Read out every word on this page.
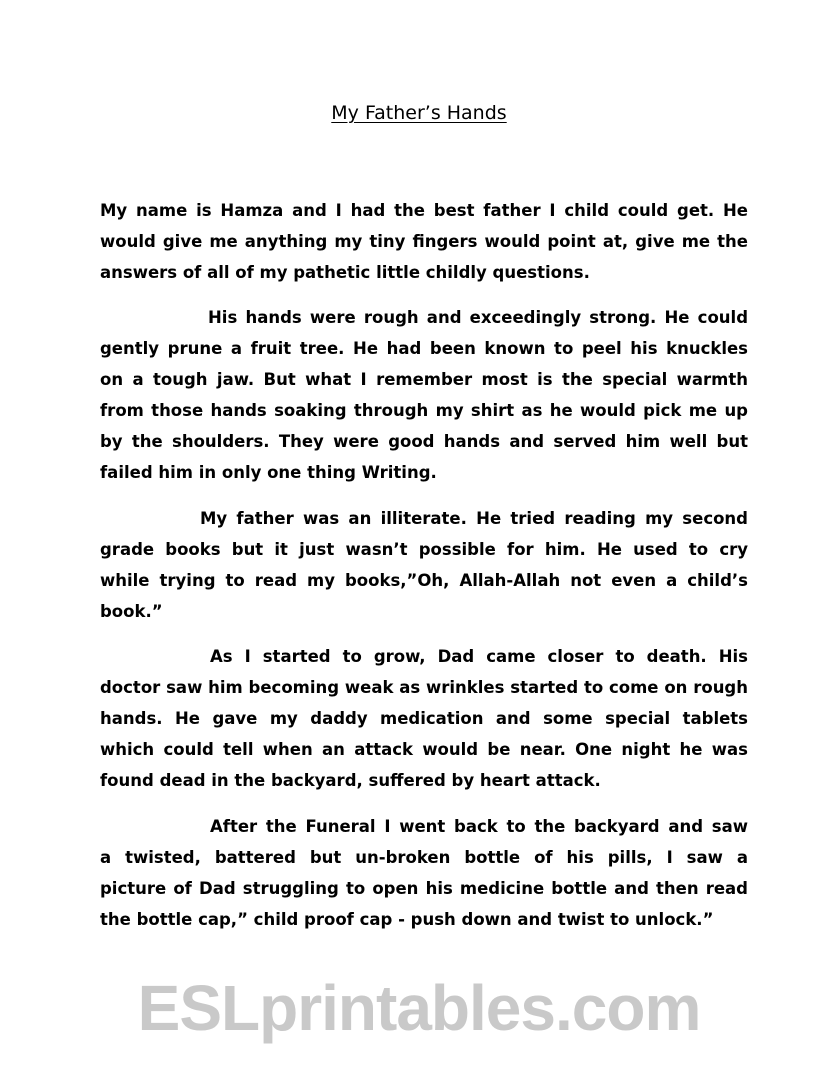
My Father’s Hands
My name is Hamza and I had the best father I child could get. He
would give me anything my tiny fingers would point at, give me the
answers of all of my pathetic little childly questions.
His hands were rough and exceedingly strong. He could
gently prune a fruit tree. He had been known to peel his knuckles
on a tough jaw. But what I remember most is the special warmth
from those hands soaking through my shirt as he would pick me up
by the shoulders. They were good hands and served him well but
failed him in only one thing Writing.
My father was an illiterate. He tried reading my second
grade books but it just wasn’t possible for him. He used to cry
while trying to read my books,”Oh, Allah-Allah not even a child’s
book.”
As I started to grow, Dad came closer to death. His
doctor saw him becoming weak as wrinkles started to come on rough
hands. He gave my daddy medication and some special tablets
which could tell when an attack would be near. One night he was
found dead in the backyard, suffered by heart attack.
After the Funeral I went back to the backyard and saw
a twisted, battered but un-broken bottle of his pills, I saw a
picture of Dad struggling to open his medicine bottle and then read
the bottle cap,” child proof cap - push down and twist to unlock.”
ESLprintables.com
